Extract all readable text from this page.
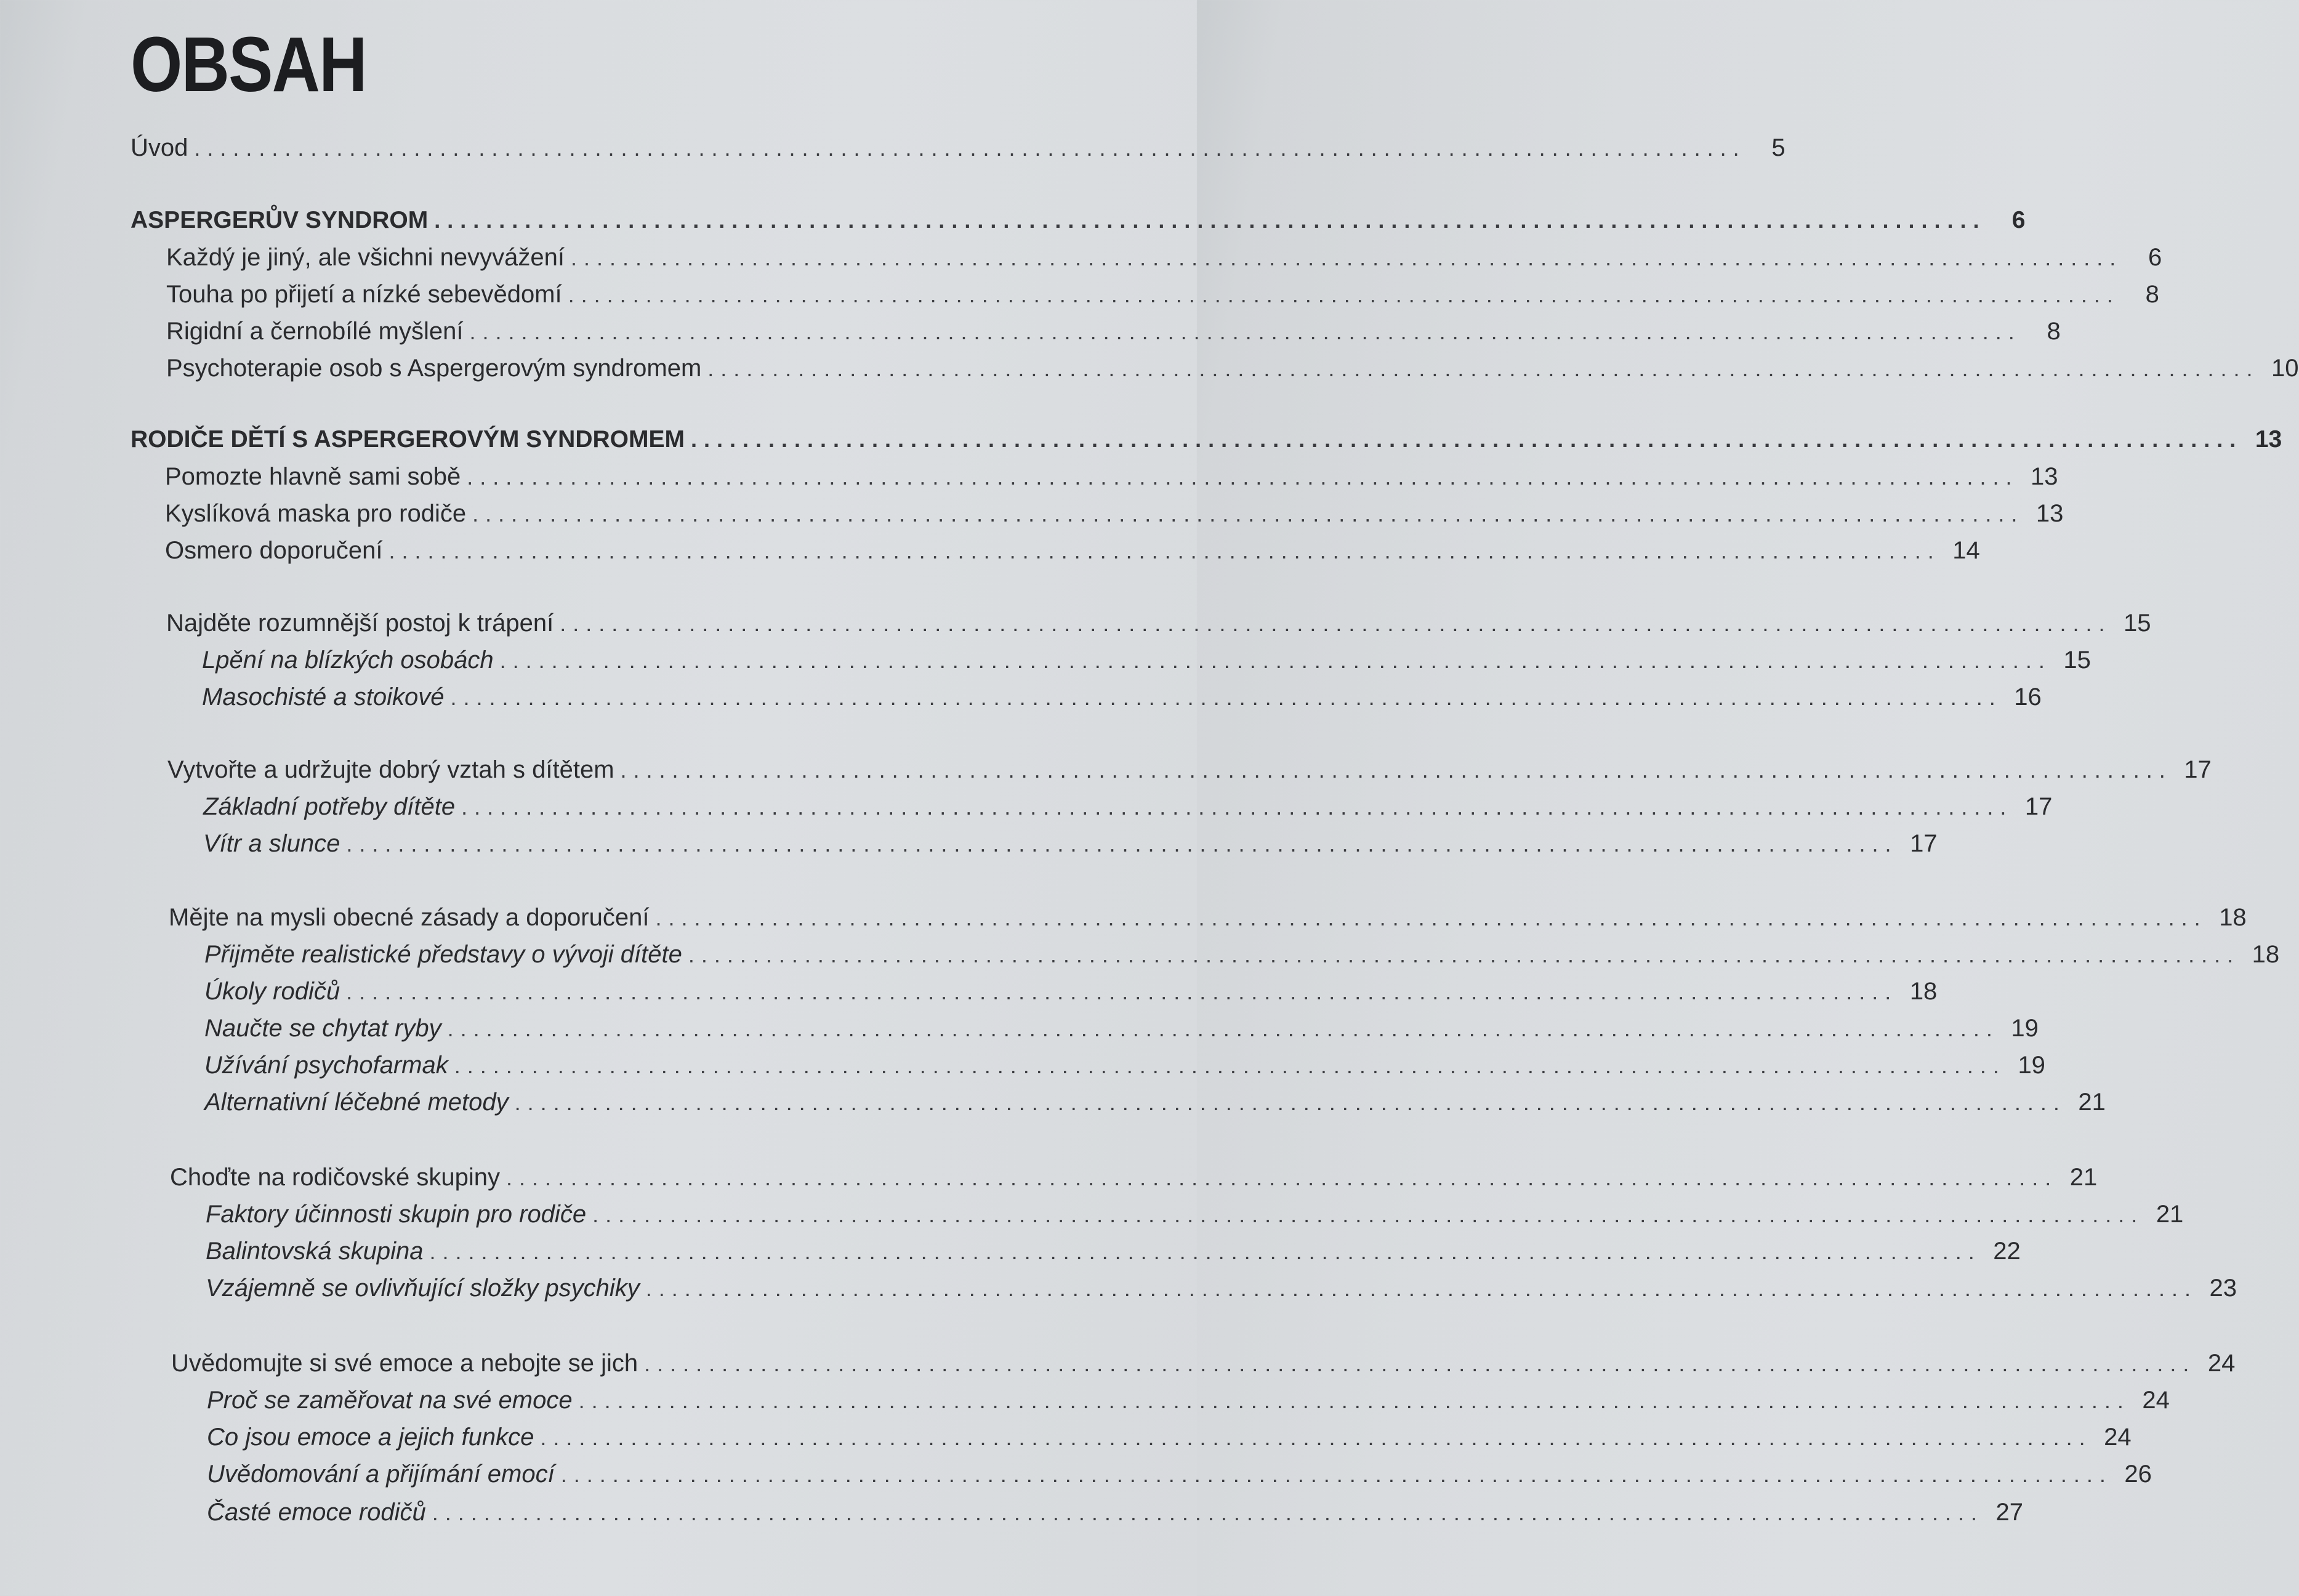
OBSAH
Úvod ........................................................................................................................	5
ASPERGERŮV SYNDROM ........................................................................................................................	6
Každý je jiný, ale všichni nevyvážení ........................................................................................................................	6
Touha po přijetí a nízké sebevědomí ........................................................................................................................	8
Rigidní a černobílé myšlení ........................................................................................................................	8
Psychoterapie osob s Aspergerovým syndromem ........................................................................................................................ 10
RODIČE DĚTÍ S ASPERGEROVÝM SYNDROMEM ........................................................................................................................ 13
Pomozte hlavně sami sobě ........................................................................................................................ 13
Kyslíková maska pro rodiče ........................................................................................................................ 13
Osmero doporučení ........................................................................................................................ 14
Najděte rozumnější postoj k trápení ........................................................................................................................ 15
Lpění na blízkých osobách ........................................................................................................................ 15
Masochisté a stoikové ........................................................................................................................ 16
Vytvořte a udržujte dobrý vztah s dítětem ........................................................................................................................ 17
Základní potřeby dítěte ........................................................................................................................ 17
Vítr a slunce ........................................................................................................................ 17
Mějte na mysli obecné zásady a doporučení ........................................................................................................................ 18
Přijměte realistické představy o vývoji dítěte ........................................................................................................................ 18
Úkoly rodičů ........................................................................................................................ 18
Naučte se chytat ryby ........................................................................................................................ 19
Užívání psychofarmak ........................................................................................................................ 19
Alternativní léčebné metody ........................................................................................................................ 21
Choďte na rodičovské skupiny ........................................................................................................................ 21
Faktory účinnosti skupin pro rodiče ........................................................................................................................ 21
Balintovská skupina ........................................................................................................................ 22
Vzájemně se ovlivňující složky psychiky ........................................................................................................................ 23
Uvědomujte si své emoce a nebojte se jich ........................................................................................................................ 24
Proč se zaměřovat na své emoce ........................................................................................................................ 24
Co jsou emoce a jejich funkce ........................................................................................................................ 24
Uvědomování a přijímání emocí ........................................................................................................................ 26
Časté emoce rodičů ........................................................................................................................ 27
